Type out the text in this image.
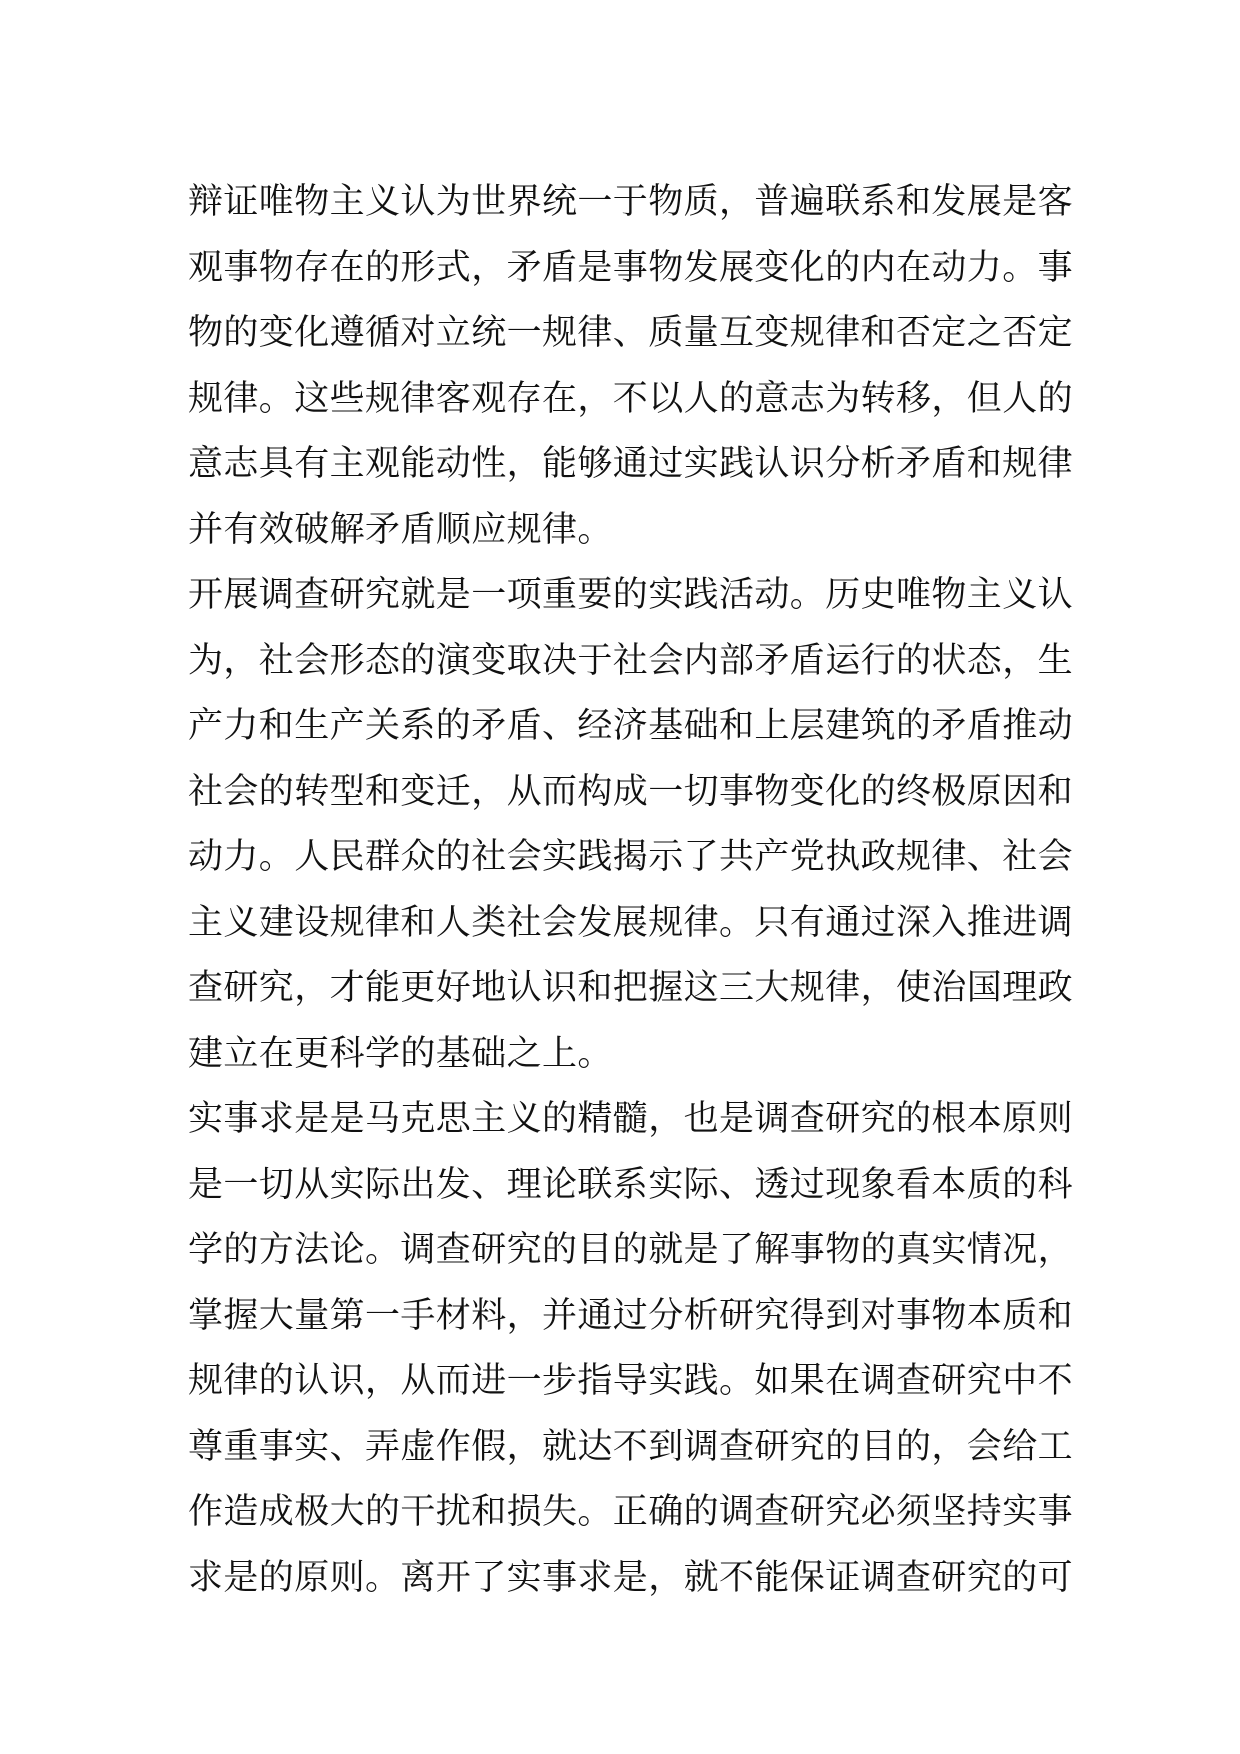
辩证唯物主义认为世界统一于物质，普遍联系和发展是客
观事物存在的形式，矛盾是事物发展变化的内在动力。事
物的变化遵循对立统一规律、质量互变规律和否定之否定
规律。这些规律客观存在，不以人的意志为转移，但人的
意志具有主观能动性，能够通过实践认识分析矛盾和规律
并有效破解矛盾顺应规律。
开展调查研究就是一项重要的实践活动。历史唯物主义认
为，社会形态的演变取决于社会内部矛盾运行的状态，生
产力和生产关系的矛盾、经济基础和上层建筑的矛盾推动
社会的转型和变迁，从而构成一切事物变化的终极原因和
动力。人民群众的社会实践揭示了共产党执政规律、社会
主义建设规律和人类社会发展规律。只有通过深入推进调
查研究，才能更好地认识和把握这三大规律，使治国理政
建立在更科学的基础之上。
实事求是是马克思主义的精髓，也是调查研究的根本原则
是一切从实际出发、理论联系实际、透过现象看本质的科
学的方法论。调查研究的目的就是了解事物的真实情况，
掌握大量第一手材料，并通过分析研究得到对事物本质和
规律的认识，从而进一步指导实践。如果在调查研究中不
尊重事实、弄虚作假，就达不到调查研究的目的，会给工
作造成极大的干扰和损失。正确的调查研究必须坚持实事
求是的原则。离开了实事求是，就不能保证调查研究的可
